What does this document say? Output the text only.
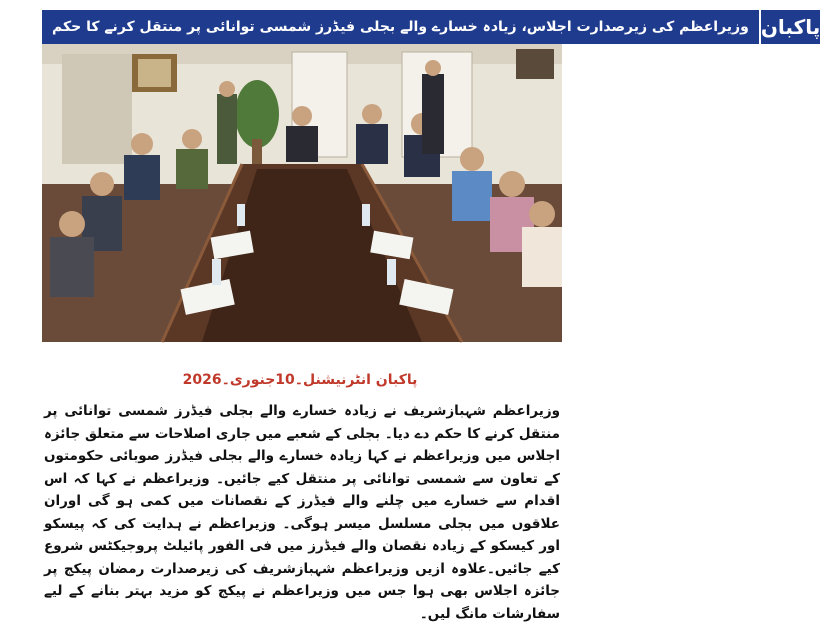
وزیراعظم کی زیرصدارت اجلاس، زیادہ خسارے والے بجلی فیڈرز شمسی توانائی پر منتقل کرنے کا حکم پاکبان
پاکبان انٹرنیشنل۔10جنوری۔2026
وزیراعظم شہبازشریف نے زیادہ خسارے والے بجلی فیڈرز شمسی توانائی پر منتقل کرنے کا حکم دے دیا۔ بجلی کے شعبے میں جاری اصلاحات سے متعلق جائزہ اجلاس میں وزیراعظم نے کہا زیادہ خسارے والے بجلی فیڈرز صوبائی حکومتوں کے تعاون سے شمسی توانائی پر منتقل کیے جائیں۔ وزیراعظم نے کہا کہ اس اقدام سے خسارے میں چلنے والے فیڈرز کے نقصانات میں کمی ہو گی اوران علاقوں میں بجلی مسلسل میسر ہوگی۔ وزیراعظم نے ہدایت کی کہ پیسکو اور کیسکو کے زیادہ نقصان والے فیڈرز میں فی الفور پائیلٹ پروجیکٹس شروع کیے جائیں۔علاوہ ازیں وزیراعظم شہبازشریف کی زیرصدارت رمضان پیکج پر جائزہ اجلاس بھی ہوا جس میں وزیراعظم نے پیکج کو مزید بہتر بنانے کے لیے سفارشات مانگ لیں۔
